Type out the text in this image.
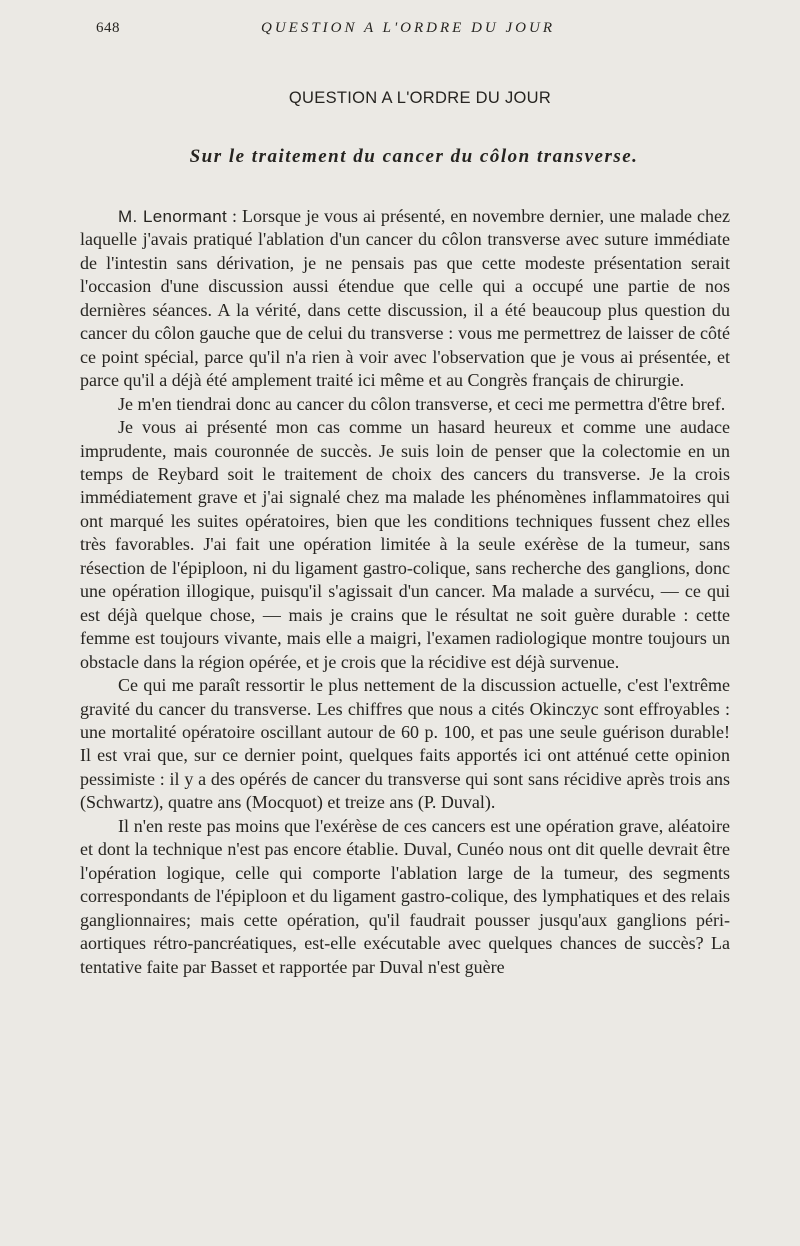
648	QUESTION A L'ORDRE DU JOUR
QUESTION A L'ORDRE DU JOUR
Sur le traitement du cancer du côlon transverse.

M. Lenormant : Lorsque je vous ai présenté, en novembre dernier, une malade chez laquelle j'avais pratiqué l'ablation d'un cancer du côlon transverse avec suture immédiate de l'intestin sans dérivation, je ne pensais pas que cette modeste présentation serait l'occasion d'une discussion aussi étendue que celle qui a occupé une partie de nos dernières séances. A la vérité, dans cette discussion, il a été beaucoup plus question du cancer du côlon gauche que de celui du transverse : vous me permettrez de laisser de côté ce point spécial, parce qu'il n'a rien à voir avec l'observation que je vous ai présentée, et parce qu'il a déjà été amplement traité ici même et au Congrès français de chirurgie.

Je m'en tiendrai donc au cancer du côlon transverse, et ceci me permettra d'être bref.

Je vous ai présenté mon cas comme un hasard heureux et comme une audace imprudente, mais couronnée de succès. Je suis loin de penser que la colectomie en un temps de Reybard soit le traitement de choix des cancers du transverse. Je la crois immédiatement grave et j'ai signalé chez ma malade les phénomènes inflammatoires qui ont marqué les suites opératoires, bien que les conditions techniques fussent chez elles très favorables. J'ai fait une opération limitée à la seule exérèse de la tumeur, sans résection de l'épiploon, ni du ligament gastro-colique, sans recherche des ganglions, donc une opération illogique, puisqu'il s'agissait d'un cancer. Ma malade a survécu, — ce qui est déjà quelque chose, — mais je crains que le résultat ne soit guère durable : cette femme est toujours vivante, mais elle a maigri, l'examen radiologique montre toujours un obstacle dans la région opérée, et je crois que la récidive est déjà survenue.

Ce qui me paraît ressortir le plus nettement de la discussion actuelle, c'est l'extrême gravité du cancer du transverse. Les chiffres que nous a cités Okinczyc sont effroyables : une mortalité opératoire oscillant autour de 60 p. 100, et pas une seule guérison durable! Il est vrai que, sur ce dernier point, quelques faits apportés ici ont atténué cette opinion pessimiste : il y a des opérés de cancer du transverse qui sont sans récidive après trois ans (Schwartz), quatre ans (Mocquot) et treize ans (P. Duval).

Il n'en reste pas moins que l'exérèse de ces cancers est une opération grave, aléatoire et dont la technique n'est pas encore établie. Duval, Cunéo nous ont dit quelle devrait être l'opération logique, celle qui comporte l'ablation large de la tumeur, des segments correspondants de l'épiploon et du ligament gastro-colique, des lymphatiques et des relais ganglionnaires; mais cette opération, qu'il faudrait pousser jusqu'aux ganglions péri-aortiques rétro-pancréatiques, est-elle exécutable avec quelques chances de succès? La tentative faite par Basset et rapportée par Duval n'est guère
